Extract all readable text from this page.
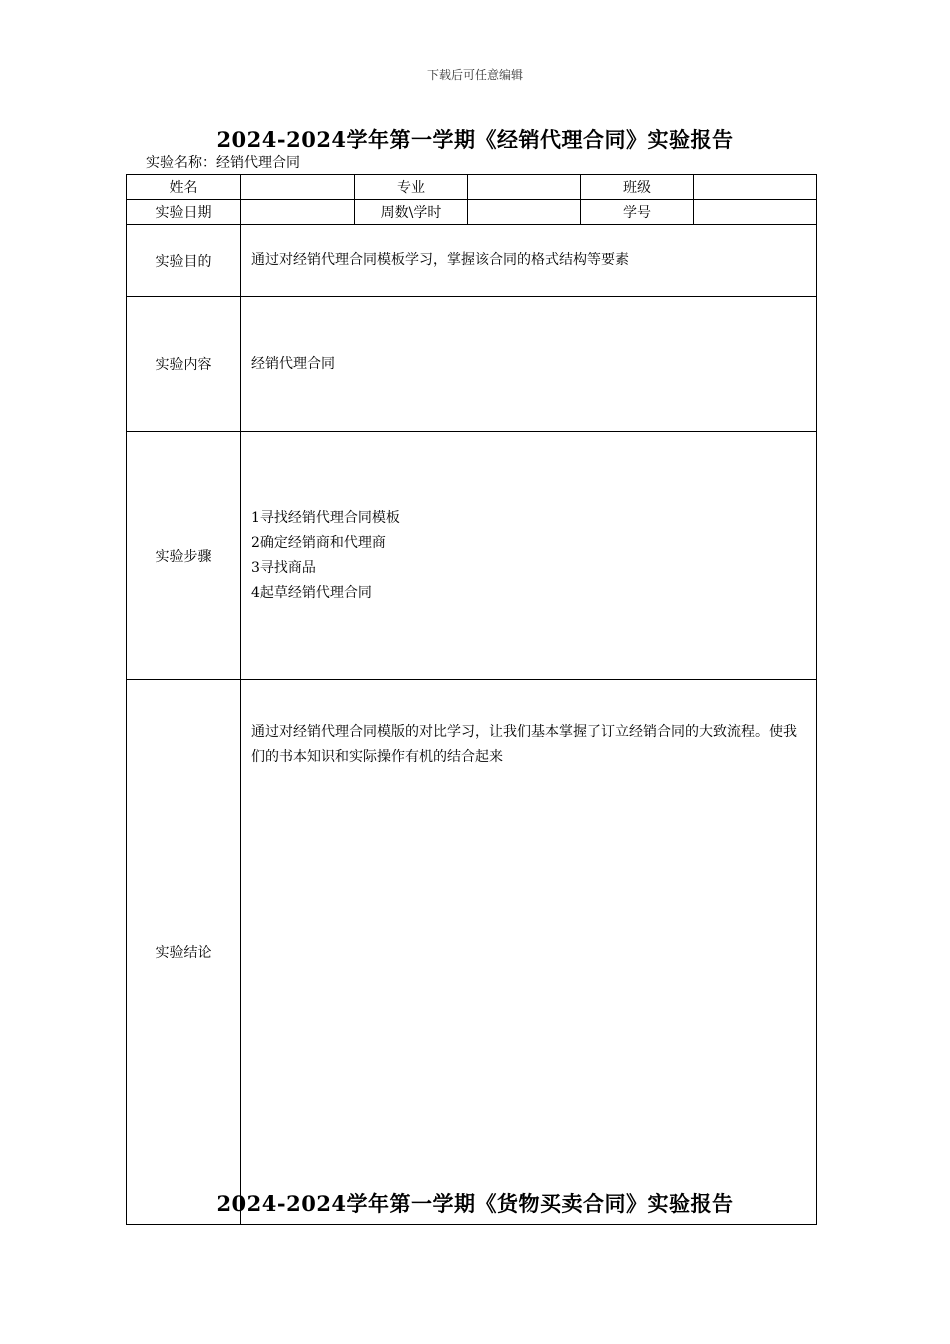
下载后可任意编辑
2024-2024学年第一学期《经销代理合同》实验报告
实验名称：经销代理合同
姓名		专业		班级	
实验日期		周数\学时		学号	
实验目的	通过对经销代理合同模板学习，掌握该合同的格式结构等要素				
实验内容	经销代理合同				
实验步骤	1寻找经销代理合同模板
2确定经销商和代理商
3寻找商品
4起草经销代理合同				

实验结论	通过对经销代理合同模版的对比学习，让我们基本掌握了订立经销合同的大致流程。使我们的书本知识和实际操作有机的结合起来				
2024-2024学年第一学期《货物买卖合同》实验报告
